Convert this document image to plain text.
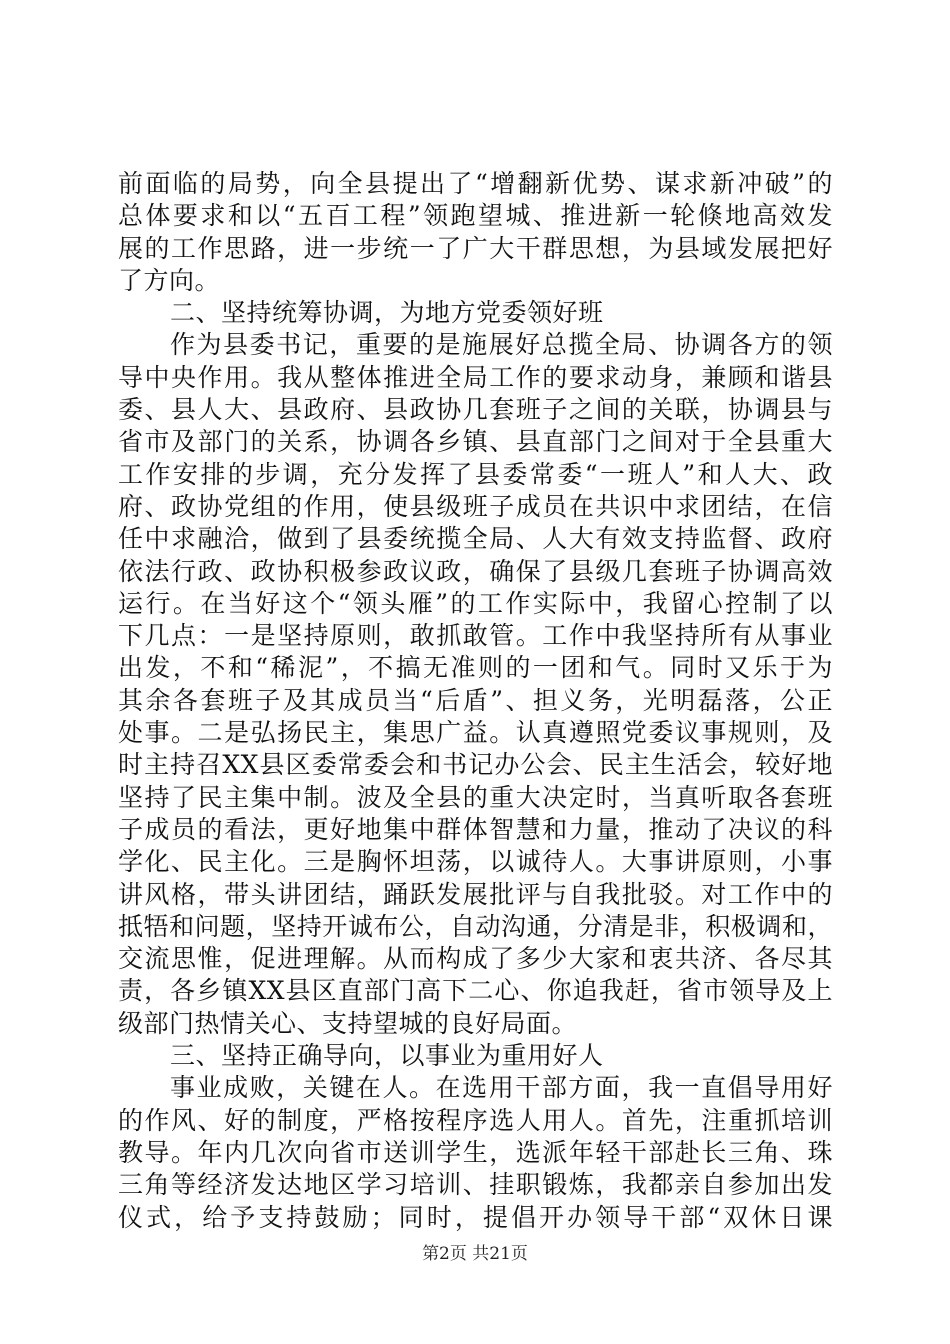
前面临的局势，向全县提出了“增翻新优势、谋求新冲破”的
总体要求和以“五百工程”领跑望城、推进新一轮倏地高效发
展的工作思路，进一步统一了广大干群思想，为县域发展把好
了方向。
二、坚持统筹协调，为地方党委领好班
作为县委书记，重要的是施展好总揽全局、协调各方的领
导中央作用。我从整体推进全局工作的要求动身，兼顾和谐县
委、县人大、县政府、县政协几套班子之间的关联，协调县与
省市及部门的关系，协调各乡镇、县直部门之间对于全县重大
工作安排的步调，充分发挥了县委常委“一班人”和人大、政
府、政协党组的作用，使县级班子成员在共识中求团结，在信
任中求融洽，做到了县委统揽全局、人大有效支持监督、政府
依法行政、政协积极参政议政，确保了县级几套班子协调高效
运行。在当好这个“领头雁”的工作实际中，我留心控制了以
下几点：一是坚持原则，敢抓敢管。工作中我坚持所有从事业
出发，不和“稀泥”，不搞无准则的一团和气。同时又乐于为
其余各套班子及其成员当“后盾”、担义务，光明磊落，公正
处事。二是弘扬民主，集思广益。认真遵照党委议事规则，及
时主持召XX县区委常委会和书记办公会、民主生活会，较好地
坚持了民主集中制。波及全县的重大决定时，当真听取各套班
子成员的看法，更好地集中群体智慧和力量，推动了决议的科
学化、民主化。三是胸怀坦荡，以诚待人。大事讲原则，小事
讲风格，带头讲团结，踊跃发展批评与自我批驳。对工作中的
抵牾和问题，坚持开诚布公，自动沟通，分清是非，积极调和，
交流思惟，促进理解。从而构成了多少大家和衷共济、各尽其
责，各乡镇XX县区直部门高下二心、你追我赶，省市领导及上
级部门热情关心、支持望城的良好局面。
三、坚持正确导向，以事业为重用好人
事业成败，关键在人。在选用干部方面，我一直倡导用好
的作风、好的制度，严格按程序选人用人。首先，注重抓培训
教导。年内几次向省市送训学生，选派年轻干部赴长三角、珠
三角等经济发达地区学习培训、挂职锻炼，我都亲自参加出发
仪式，给予支持鼓励；同时，提倡开办领导干部“双休日课
第2页 共21页
